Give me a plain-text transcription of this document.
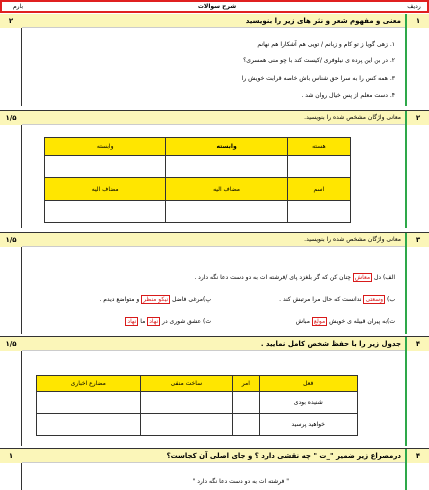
بارم	شرح سوالات	ردیف
معنی و مفهوم شعر و نثر های زیر را بنویسید
۲	۱
۱. زهی گویا ز تو کام و زبانم / تویی هم آشکارا هم نهانم
۲. در بن این پرده ی نیلوفری /کیست کند با چو منی همسری؟
۳. همه کس را به سرا حق شناس باش خاصه قرابت خویش را
۴. دست معلم از پس خیال روان شد .
معانی واژگان مشخص شده را بنویسید.
۱/۵	۲
هسته	وابسته	وابسته

اسم	مضاف الیه	مضاف الیه

معانی واژگان مشخص شده را بنویسید.
۱/۵	۳
الف) دل معاش چنان کن که گر بلغزد پای /فرشته ات به دو دست دعا نگه دارد .
ب) وسعتی ندانست که حال مرا مرتبش کند .
پ)مرغی فاضل نیکو منظر و متواضع دیدم .
ت)به پیران قبیله ی خویش مولع مباش
ث) عشق شوری در نهاد ما نهاد
جدول زیر را با حفظ شخص کامل نمایید .
۱/۵	۴
فعل	امر	ساخت منفی	مضارع اخباری
شنیده بودی			
خواهید پرسید			
درمصراع زیر ضمیر "_ت " چه نقشی دارد ؟ و جای اصلی آن کجاست؟
۱	۴
" فرشته ات به دو دست دعا نگه دارد "
